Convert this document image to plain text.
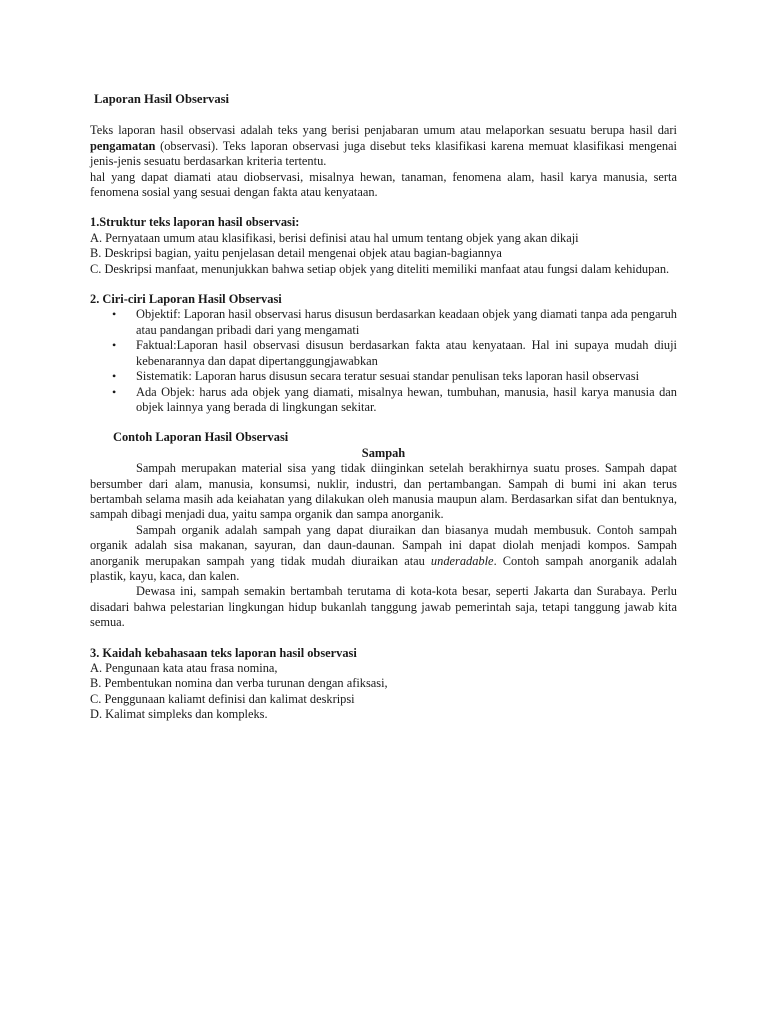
Laporan Hasil Observasi

Teks laporan hasil observasi adalah teks yang berisi penjabaran umum atau melaporkan sesuatu berupa hasil dari pengamatan (observasi). Teks laporan observasi juga disebut teks klasifikasi karena memuat klasifikasi mengenai jenis-jenis sesuatu berdasarkan kriteria tertentu.

hal yang dapat diamati atau diobservasi, misalnya hewan, tanaman, fenomena alam, hasil karya manusia, serta fenomena sosial yang sesuai dengan fakta atau kenyataan.

1.Struktur teks laporan hasil observasi:

A. Pernyataan umum atau klasifikasi, berisi definisi atau hal umum tentang objek yang akan dikaji

B. Deskripsi bagian, yaitu penjelasan detail mengenai objek atau bagian-bagiannya

C. Deskripsi manfaat, menunjukkan bahwa setiap objek yang diteliti memiliki manfaat atau fungsi dalam kehidupan.

2. Ciri-ciri Laporan Hasil Observasi

• Objektif: Laporan hasil observasi harus disusun berdasarkan keadaan objek yang diamati tanpa ada pengaruh atau pandangan pribadi dari yang mengamati
• Faktual:Laporan hasil observasi disusun berdasarkan fakta atau kenyataan. Hal ini supaya mudah diuji kebenarannya dan dapat dipertanggungjawabkan
• Sistematik: Laporan harus disusun secara teratur sesuai standar penulisan teks laporan hasil observasi
• Ada Objek: harus ada objek yang diamati, misalnya hewan, tumbuhan, manusia, hasil karya manusia dan objek lainnya yang berada di lingkungan sekitar.

Contoh Laporan Hasil Observasi

Sampah

Sampah merupakan material sisa yang tidak diinginkan setelah berakhirnya suatu proses. Sampah dapat bersumber dari alam, manusia, konsumsi, nuklir, industri, dan pertambangan. Sampah di bumi ini akan terus bertambah selama masih ada keiahatan yang dilakukan oleh manusia maupun alam. Berdasarkan sifat dan bentuknya, sampah dibagi menjadi dua, yaitu sampa organik dan sampa anorganik.

Sampah organik adalah sampah yang dapat diuraikan dan biasanya mudah membusuk. Contoh sampah organik adalah sisa makanan, sayuran, dan daun-daunan. Sampah ini dapat diolah menjadi kompos. Sampah anorganik merupakan sampah yang tidak mudah diuraikan atau underadable. Contoh sampah anorganik adalah plastik, kayu, kaca, dan kalen.

Dewasa ini, sampah semakin bertambah terutama di kota-kota besar, seperti Jakarta dan Surabaya. Perlu disadari bahwa pelestarian lingkungan hidup bukanlah tanggung jawab pemerintah saja, tetapi tanggung jawab kita semua.

3. Kaidah kebahasaan teks laporan hasil observasi

A. Pengunaan kata atau frasa nomina,

B. Pembentukan nomina dan verba turunan dengan afiksasi,

C. Penggunaan kaliamt definisi dan kalimat deskripsi

D. Kalimat simpleks dan kompleks.
